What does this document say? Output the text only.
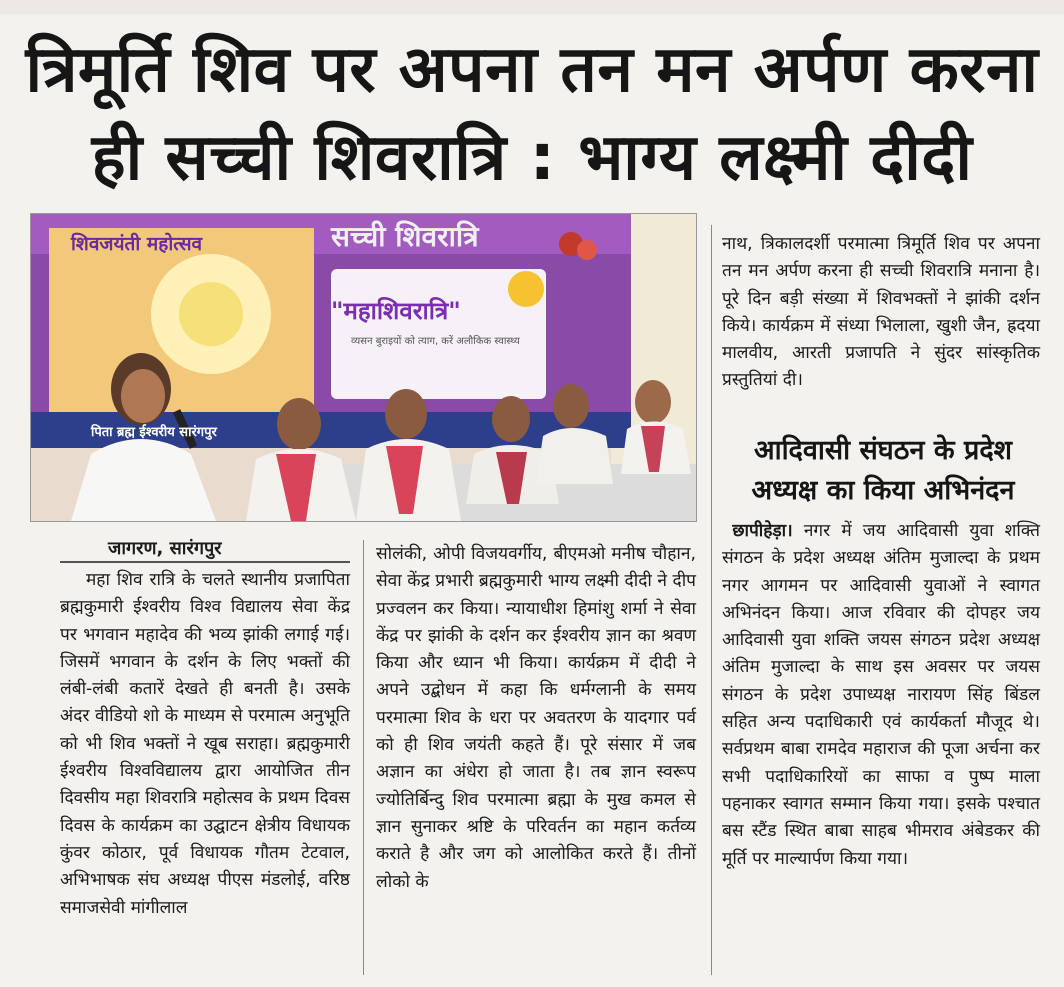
त्रिमूर्ति शिव पर अपना तन मन अर्पण करना
ही सच्ची शिवरात्रि : भाग्य लक्ष्मी दीदी
सच्ची शिवरात्रि
शिवजयंती महोत्सव
"महाशिवरात्रि"
व्यसन बुराइयों को त्याग, करें अलौकिक स्वास्थ्य
पिता ब्रह्म ईश्वरीय सारंगपुर
जागरण, सारंगपुर

महा शिव रात्रि के चलते स्थानीय प्रजापिता ब्रह्मकुमारी ईश्वरीय विश्व विद्यालय सेवा केंद्र पर भगवान महादेव की भव्य झांकी लगाई गई। जिसमें भगवान के दर्शन के लिए भक्तों की लंबी-लंबी कतारें देखते ही बनती है। उसके अंदर वीडियो शो के माध्यम से परमात्म अनुभूति को भी शिव भक्तों ने खूब सराहा। ब्रह्मकुमारी ईश्वरीय विश्वविद्यालय द्वारा आयोजित तीन दिवसीय महा शिवरात्रि महोत्सव के प्रथम दिवस दिवस के कार्यक्रम का उद्घाटन क्षेत्रीय विधायक कुंवर कोठार, पूर्व विधायक गौतम टेटवाल, अभिभाषक संघ अध्यक्ष पीएस मंडलोई, वरिष्ठ समाजसेवी मांगीलाल

सोलंकी, ओपी विजयवर्गीय, बीएमओ मनीष चौहान, सेवा केंद्र प्रभारी ब्रह्मकुमारी भाग्य लक्ष्मी दीदी ने दीप प्रज्वलन कर किया। न्यायाधीश हिमांशु शर्मा ने सेवा केंद्र पर झांकी के दर्शन कर ईश्वरीय ज्ञान का श्रवण किया और ध्यान भी किया। कार्यक्रम में दीदी ने अपने उद्बोधन में कहा कि धर्मग्लानी के समय परमात्मा शिव के धरा पर अवतरण के यादगार पर्व को ही शिव जयंती कहते हैं। पूरे संसार में जब अज्ञान का अंधेरा हो जाता है। तब ज्ञान स्वरूप ज्योतिर्बिन्दु शिव परमात्मा ब्रह्मा के मुख कमल से ज्ञान सुनाकर श्रष्टि के परिवर्तन का महान कर्तव्य कराते है और जग को आलोकित करते हैं। तीनों लोको के

नाथ, त्रिकालदर्शी परमात्मा त्रिमूर्ति शिव पर अपना तन मन अर्पण करना ही सच्ची शिवरात्रि मनाना है। पूरे दिन बड़ी संख्या में शिवभक्तों ने झांकी दर्शन किये। कार्यक्रम में संध्या भिलाला, खुशी जैन, ह्रदया मालवीय, आरती प्रजापति ने सुंदर सांस्कृतिक प्रस्तुतियां दी।

आदिवासी संघठन के प्रदेश
अध्यक्ष का किया अभिनंदन

छापीहेड़ा। नगर में जय आदिवासी युवा शक्ति संगठन के प्रदेश अध्यक्ष अंतिम मुजाल्दा के प्रथम नगर आगमन पर आदिवासी युवाओं ने स्वागत अभिनंदन किया। आज रविवार की दोपहर जय आदिवासी युवा शक्ति जयस संगठन प्रदेश अध्यक्ष अंतिम मुजाल्दा के साथ इस अवसर पर जयस संगठन के प्रदेश उपाध्यक्ष नारायण सिंह बिंडल सहित अन्य पदाधिकारी एवं कार्यकर्ता मौजूद थे। सर्वप्रथम बाबा रामदेव महाराज की पूजा अर्चना कर सभी पदाधिकारियों का साफा व पुष्प माला पहनाकर स्वागत सम्मान किया गया। इसके पश्चात बस स्टैंड स्थित बाबा साहब भीमराव अंबेडकर की मूर्ति पर माल्यार्पण किया गया।
